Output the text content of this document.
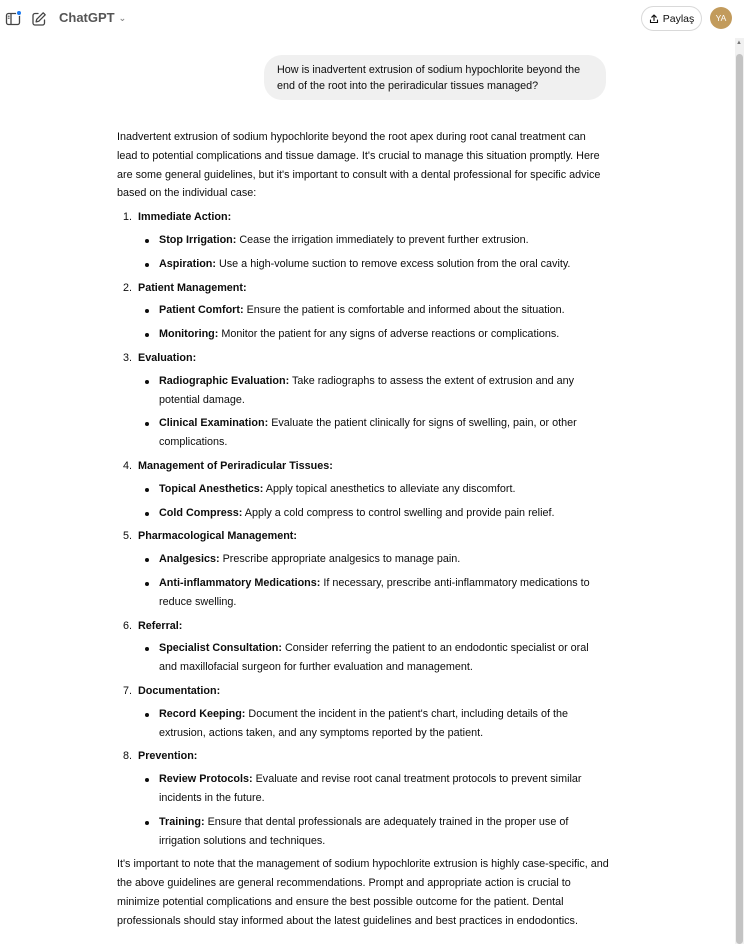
ChatGPT ⌄	Paylaş	YA
▲
How is inadvertent extrusion of sodium hypochlorite beyond the end of the root into the periradicular tissues managed?

Inadvertent extrusion of sodium hypochlorite beyond the root apex during root canal treatment can lead to potential complications and tissue damage. It's crucial to manage this situation promptly. Here are some general guidelines, but it's important to consult with a dental professional for specific advice based on the individual case:

1. Immediate Action:
Stop Irrigation: Cease the irrigation immediately to prevent further extrusion.
Aspiration: Use a high-volume suction to remove excess solution from the oral cavity.
2. Patient Management:
Patient Comfort: Ensure the patient is comfortable and informed about the situation.
Monitoring: Monitor the patient for any signs of adverse reactions or complications.
3. Evaluation:
Radiographic Evaluation: Take radiographs to assess the extent of extrusion and any potential damage.
Clinical Examination: Evaluate the patient clinically for signs of swelling, pain, or other complications.
4. Management of Periradicular Tissues:
Topical Anesthetics: Apply topical anesthetics to alleviate any discomfort.
Cold Compress: Apply a cold compress to control swelling and provide pain relief.
5. Pharmacological Management:
Analgesics: Prescribe appropriate analgesics to manage pain.
Anti-inflammatory Medications: If necessary, prescribe anti-inflammatory medications to reduce swelling.
6. Referral:
Specialist Consultation: Consider referring the patient to an endodontic specialist or oral and maxillofacial surgeon for further evaluation and management.
7. Documentation:
Record Keeping: Document the incident in the patient's chart, including details of the extrusion, actions taken, and any symptoms reported by the patient.
8. Prevention:
Review Protocols: Evaluate and revise root canal treatment protocols to prevent similar incidents in the future.
Training: Ensure that dental professionals are adequately trained in the proper use of irrigation solutions and techniques.

It's important to note that the management of sodium hypochlorite extrusion is highly case-specific, and the above guidelines are general recommendations. Prompt and appropriate action is crucial to minimize potential complications and ensure the best possible outcome for the patient. Dental professionals should stay informed about the latest guidelines and best practices in endodontics.
